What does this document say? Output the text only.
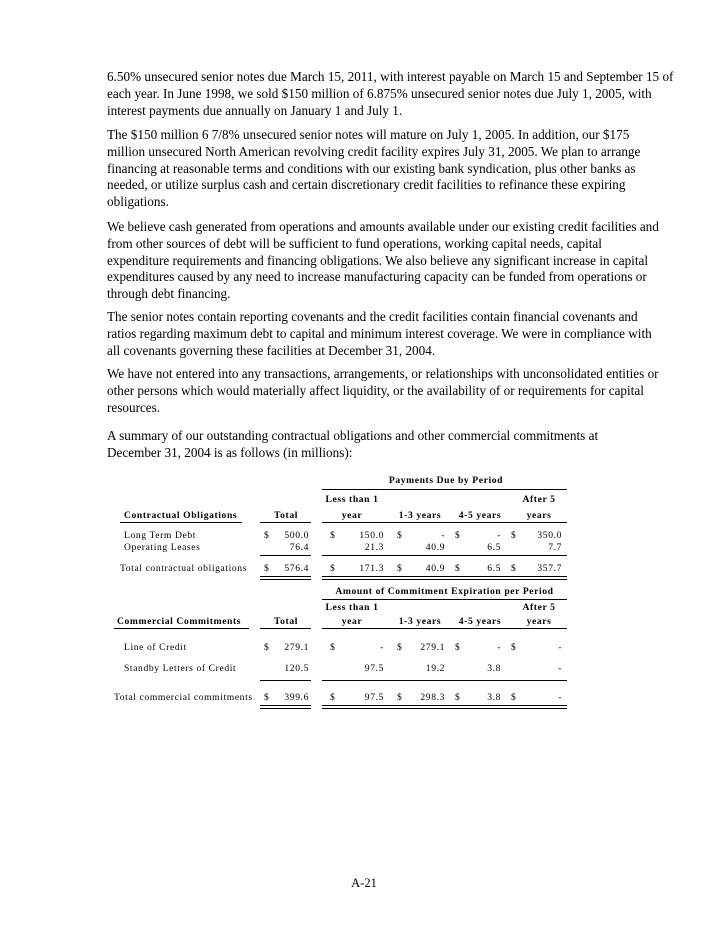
6.50% unsecured senior notes due March 15, 2011, with interest payable on March 15 and September 15 of
each year. In June 1998, we sold $150 million of 6.875% unsecured senior notes due July 1, 2005, with
interest payments due annually on January 1 and July 1.
The $150 million 6 7/8% unsecured senior notes will mature on July 1, 2005. In addition, our $175
million unsecured North American revolving credit facility expires July 31, 2005. We plan to arrange
financing at reasonable terms and conditions with our existing bank syndication, plus other banks as
needed, or utilize surplus cash and certain discretionary credit facilities to refinance these expiring
obligations.
We believe cash generated from operations and amounts available under our existing credit facilities and
from other sources of debt will be sufficient to fund operations, working capital needs, capital
expenditure requirements and financing obligations. We also believe any significant increase in capital
expenditures caused by any need to increase manufacturing capacity can be funded from operations or
through debt financing.
The senior notes contain reporting covenants and the credit facilities contain financial covenants and
ratios regarding maximum debt to capital and minimum interest coverage. We were in compliance with
all covenants governing these facilities at December 31, 2004.
We have not entered into any transactions, arrangements, or relationships with unconsolidated entities or
other persons which would materially affect liquidity, or the availability of or requirements for capital
resources.
A summary of our outstanding contractual obligations and other commercial commitments at
December 31, 2004 is as follows (in millions):
Payments Due by Period
Less than 1	After 5
Contractual Obligations	Total	year	1-3 years	4-5 years	years
Long Term Debt	$	500.0 $	150.0 $	- $	- $	350.0
Operating Leases	76.4	21.3	40.9	6.5	7.7
Total contractual obligations $	576.4 $	171.3 $	40.9 $	6.5 $	357.7
Amount of Commitment Expiration per Period
Less than 1	After 5
Commercial Commitments	Total	year	1-3 years	4-5 years	years
Line of Credit	$	279.1 $	- $	279.1 $	- $	-
Standby Letters of Credit	120.5	97.5	19.2	3.8	-
Total commercial commitments $	399.6 $	97.5 $	298.3 $	3.8 $	-
A-21
